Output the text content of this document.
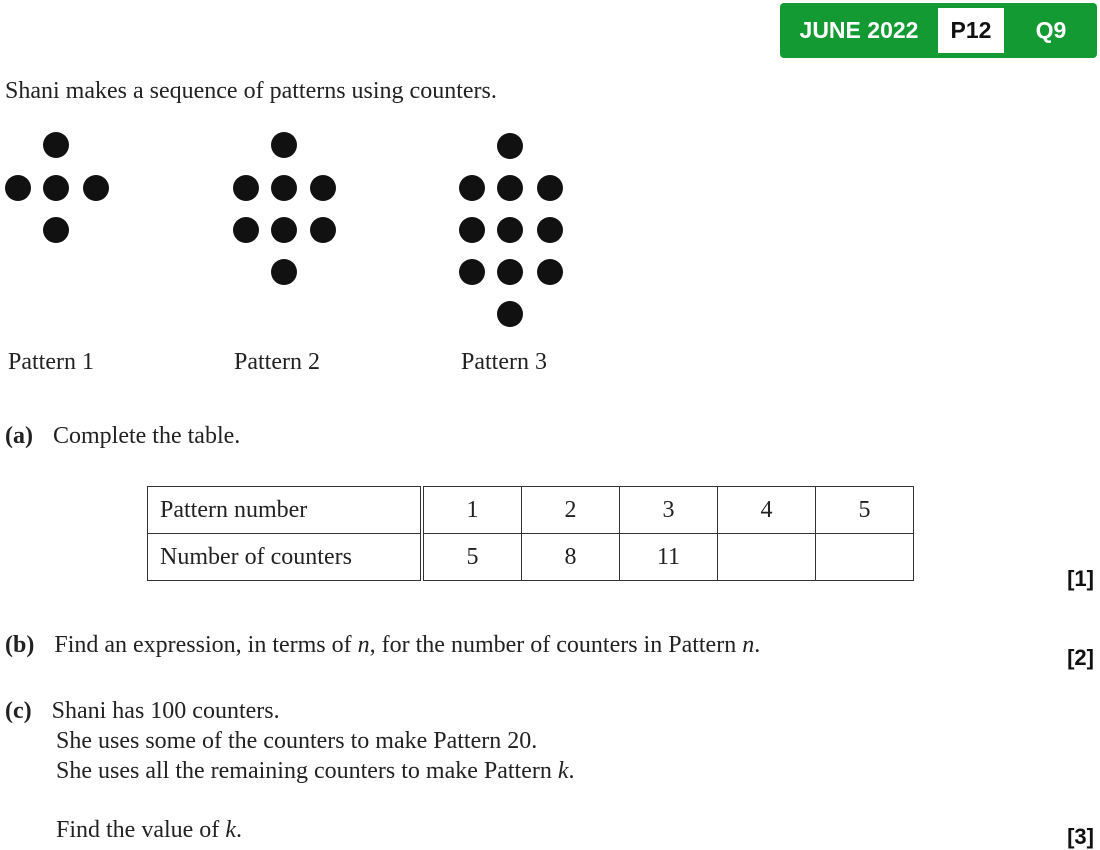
JUNE 2022	P12	Q9
Shani makes a sequence of patterns using counters.
Pattern 1	Pattern 2	Pattern 3
(a) Complete the table.
Pattern number	1	2	3	4	5
Number of counters	5	8	11		
[1]
(b) Find an expression, in terms of n, for the number of counters in Pattern n.	[2]
(c) Shani has 100 counters.
She uses some of the counters to make Pattern 20.
She uses all the remaining counters to make Pattern k.
Find the value of k.	[3]
